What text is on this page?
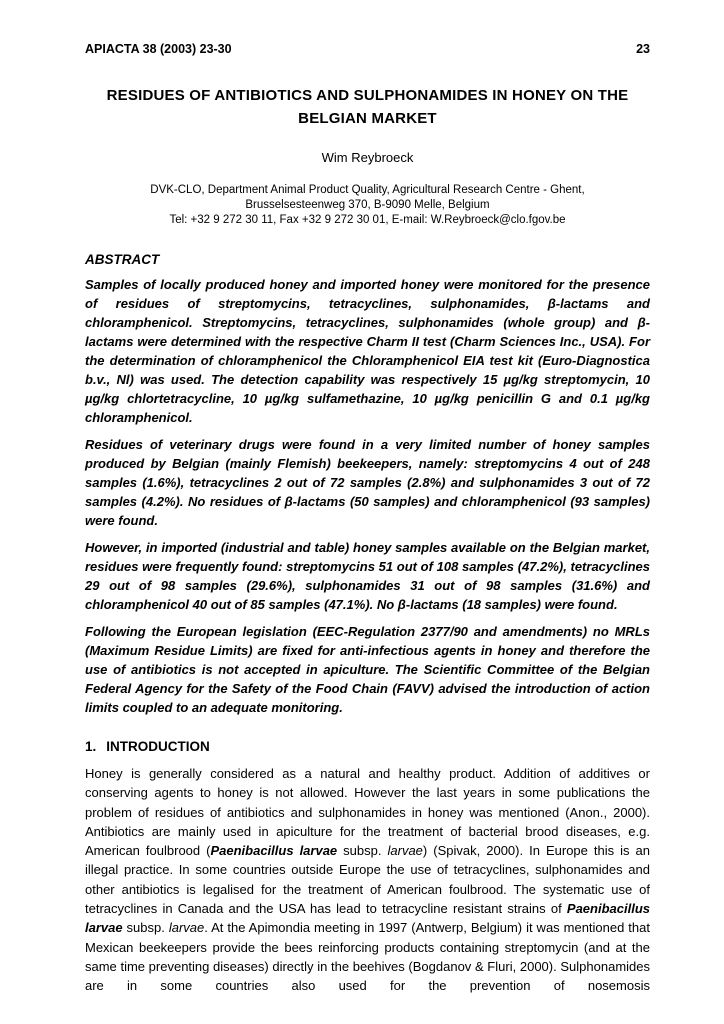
APIACTA 38 (2003) 23-30	23
RESIDUES OF ANTIBIOTICS AND SULPHONAMIDES IN HONEY ON THE BELGIAN MARKET
Wim Reybroeck
DVK-CLO, Department Animal Product Quality, Agricultural Research Centre - Ghent,
Brusselsesteenweg 370, B-9090 Melle, Belgium
Tel: +32 9 272 30 11, Fax +32 9 272 30 01, E-mail: W.Reybroeck@clo.fgov.be
ABSTRACT

Samples of locally produced honey and imported honey were monitored for the presence of residues of streptomycins, tetracyclines, sulphonamides, β-lactams and chloramphenicol. Streptomycins, tetracyclines, sulphonamides (whole group) and β-lactams were determined with the respective Charm II test (Charm Sciences Inc., USA). For the determination of chloramphenicol the Chloramphenicol EIA test kit (Euro-Diagnostica b.v., Nl) was used. The detection capability was respectively 15 µg/kg streptomycin, 10 µg/kg chlortetracycline, 10 µg/kg sulfamethazine, 10 µg/kg penicillin G and 0.1 µg/kg chloramphenicol.

Residues of veterinary drugs were found in a very limited number of honey samples produced by Belgian (mainly Flemish) beekeepers, namely: streptomycins 4 out of 248 samples (1.6%), tetracyclines 2 out of 72 samples (2.8%) and sulphonamides 3 out of 72 samples (4.2%). No residues of β-lactams (50 samples) and chloramphenicol (93 samples) were found.

However, in imported (industrial and table) honey samples available on the Belgian market, residues were frequently found: streptomycins 51 out of 108 samples (47.2%), tetracyclines 29 out of 98 samples (29.6%), sulphonamides 31 out of 98 samples (31.6%) and chloramphenicol 40 out of 85 samples (47.1%). No β-lactams (18 samples) were found.

Following the European legislation (EEC-Regulation 2377/90 and amendments) no MRLs (Maximum Residue Limits) are fixed for anti-infectious agents in honey and therefore the use of antibiotics is not accepted in apiculture. The Scientific Committee of the Belgian Federal Agency for the Safety of the Food Chain (FAVV) advised the introduction of action limits coupled to an adequate monitoring.

1. INTRODUCTION

Honey is generally considered as a natural and healthy product. Addition of additives or conserving agents to honey is not allowed. However the last years in some publications the problem of residues of antibiotics and sulphonamides in honey was mentioned (Anon., 2000). Antibiotics are mainly used in apiculture for the treatment of bacterial brood diseases, e.g. American foulbrood (Paenibacillus larvae subsp. larvae) (Spivak, 2000). In Europe this is an illegal practice. In some countries outside Europe the use of tetracyclines, sulphonamides and other antibiotics is legalised for the treatment of American foulbrood. The systematic use of tetracyclines in Canada and the USA has lead to tetracycline resistant strains of Paenibacillus larvae subsp. larvae. At the Apimondia meeting in 1997 (Antwerp, Belgium) it was mentioned that Mexican beekeepers provide the bees reinforcing products containing streptomycin (and at the same time preventing diseases) directly in the beehives (Bogdanov & Fluri, 2000). Sulphonamides are in some countries also used for the prevention of nosemosis
